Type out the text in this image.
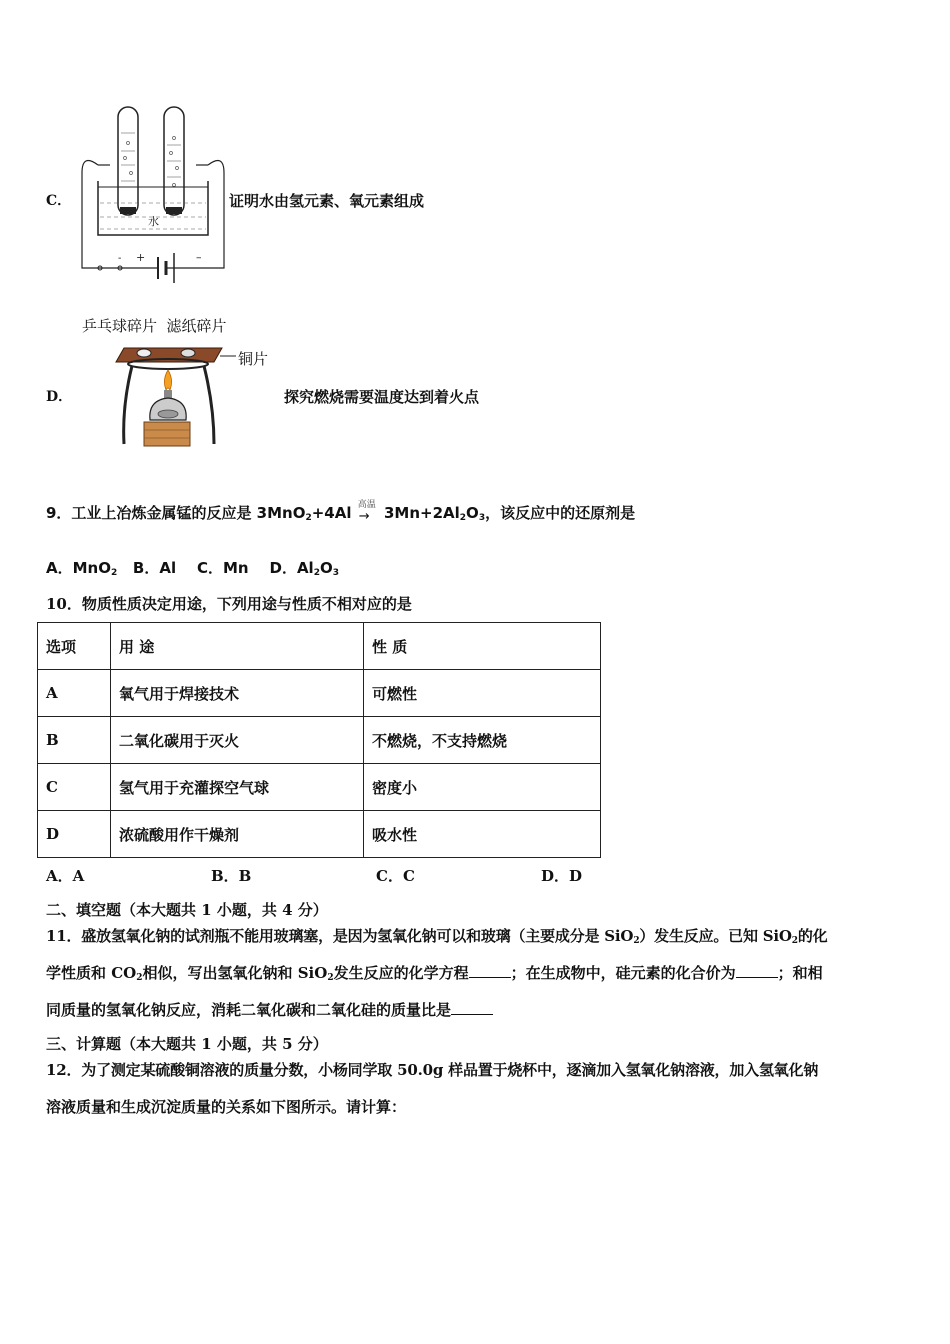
C．
水
- +	–
证明水由氢元素、氧元素组成
D．
乒乓球碎片  滤纸碎片
铜片
探究燃烧需要温度达到着火点
9．工业上冶炼金属锰的反应是 3MnO$_2$+4Al 高温
→ $3Mn+2Al_2O_3$，该反应中的还原剂是
A．MnO$_2$ B．Al C．Mn D．$Al_2O_3$
10．物质性质决定用途，下列用途与性质不相对应的是
选项	用 途	性 质
A	氧气用于焊接技术	可燃性
B	二氧化碳用于灭火	不燃烧，不支持燃烧
C	氢气用于充灌探空气球	密度小
D	浓硫酸用作干燥剂	吸水性
A．A	B．B	C．C	D．D
二、填空题（本大题共 1 小题，共 4 分）
11．盛放氢氧化钠的试剂瓶不能用玻璃塞，是因为氢氧化钠可以和玻璃（主要成分是 SiO$_2$）发生反应。已知 SiO$_2$的化
学性质和 $CO_2$相似，写出氢氧化钠和 SiO$_2$发生反应的化学方程	；在生成物中，硅元素的化合价为	；和相
同质量的氢氧化钠反应，消耗二氧化碳和二氧化硅的质量比是
三、计算题（本大题共 1 小题，共 5 分）
12．为了测定某硫酸铜溶液的质量分数，小杨同学取 50.0g 样品置于烧杯中，逐滴加入氢氧化钠溶液，加入氢氧化钠
溶液质量和生成沉淀质量的关系如下图所示。请计算：
